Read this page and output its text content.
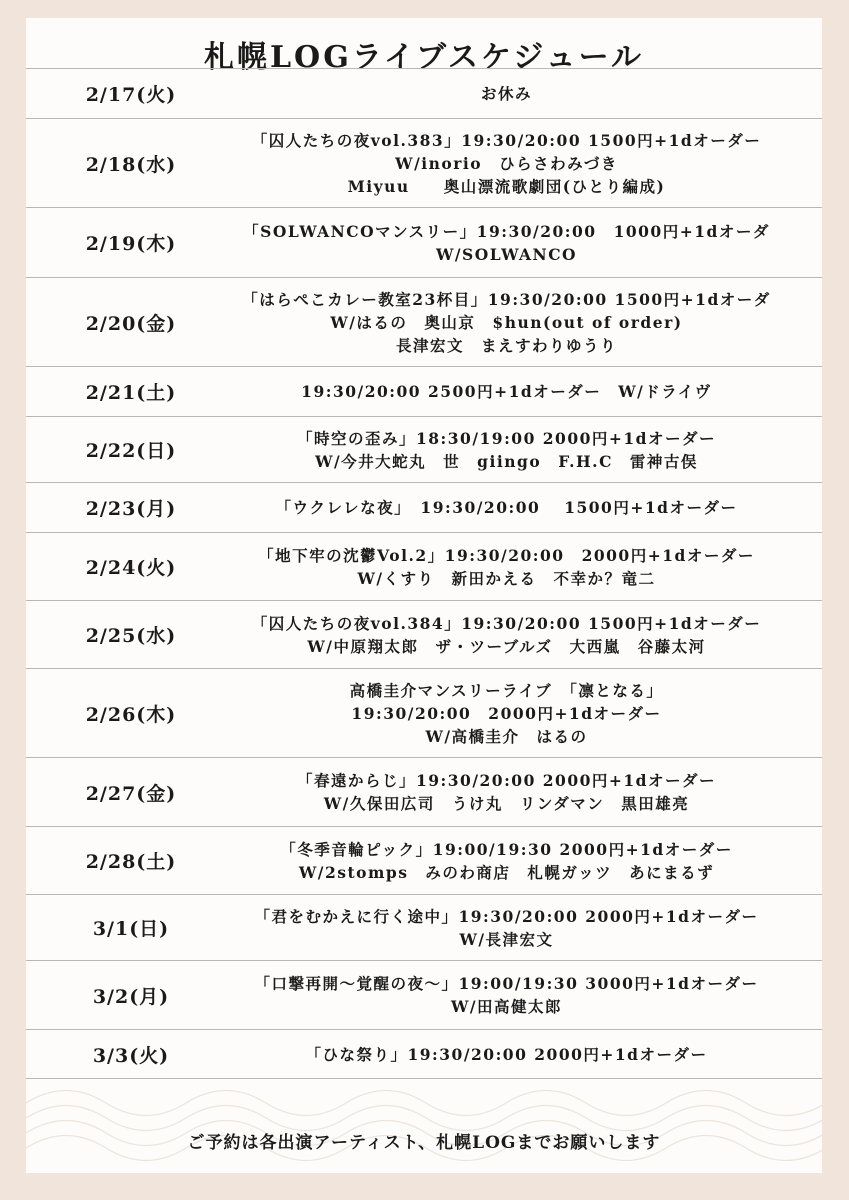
札幌LOGライブスケジュール
2/17(火)	お休み
2/18(水)
「囚人たちの夜vol.383」19:30/20:00 1500円+1dオーダー
W/inorio　ひらさわみづき
Miyuu　　奥山漂流歌劇団(ひとり編成)
2/19(木)
「SOLWANCOマンスリー」19:30/20:00　1000円+1dオーダ
W/SOLWANCO
2/20(金)
「はらぺこカレー教室23杯目」19:30/20:00 1500円+1dオーダ
W/はるの　奥山京　$hun(out of order)
長津宏文　まえすわりゆうり
2/21(土)	19:30/20:00 2500円+1dオーダー　W/ドライヴ
2/22(日)
「時空の歪み」18:30/19:00 2000円+1dオーダー
W/今井大蛇丸　世　giingo　F.H.C　雷神古俣
2/23(月)	「ウクレレな夜」　19:30/20:00　 1500円+1dオーダー
2/24(火)
「地下牢の沈鬱Vol.2」19:30/20:00　2000円+1dオーダー
W/くすり　新田かえる　不幸か？竜二
2/25(水)
「囚人たちの夜vol.384」19:30/20:00 1500円+1dオーダー
W/中原翔太郎　ザ・ツーブルズ　大西嵐　谷藤太河
2/26(木)
高橋圭介マンスリーライブ　「凛となる」
19:30/20:00　2000円+1dオーダー
W/高橋圭介　はるの
2/27(金)
「春遠からじ」19:30/20:00 2000円+1dオーダー
W/久保田広司　うけ丸　リンダマン　黒田雄亮
2/28(土)
「冬季音輪ピック」19:00/19:30 2000円+1dオーダー
W/2stomps　みのわ商店　札幌ガッツ　あにまるず
3/1(日)
「君をむかえに行く途中」19:30/20:00 2000円+1dオーダー
W/長津宏文
3/2(月)
「口撃再開～覚醒の夜～」19:00/19:30 3000円+1dオーダー
W/田高健太郎
3/3(火)	「ひな祭り」19:30/20:00 2000円+1dオーダー
ご予約は各出演アーティスト、札幌LOGまでお願いします
